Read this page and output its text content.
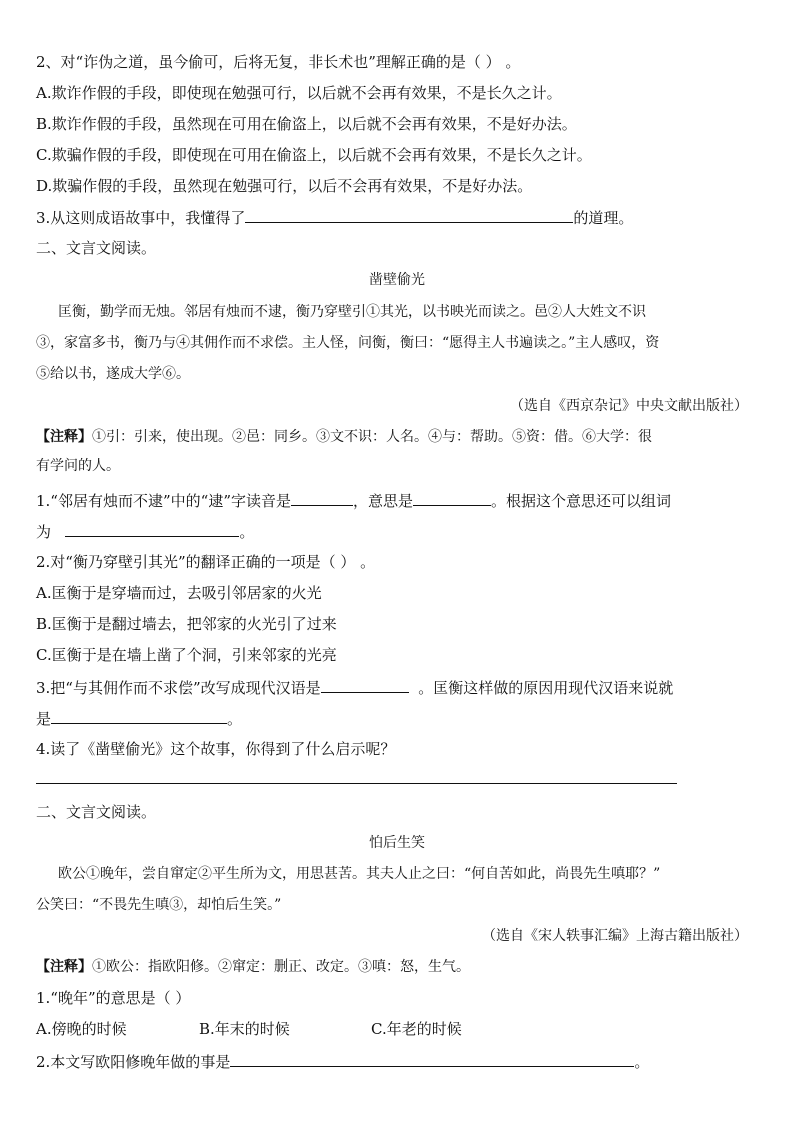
2、对“诈伪之道，虽今偷可，后将无复，非长术也”理解正确的是（ ） 。
A.欺诈作假的手段，即使现在勉强可行，以后就不会再有效果，不是长久之计。
B.欺诈作假的手段，虽然现在可用在偷盗上，以后就不会再有效果，不是好办法。
C.欺骗作假的手段，即使现在可用在偷盗上，以后就不会再有效果，不是长久之计。
D.欺骗作假的手段，虽然现在勉强可行，以后不会再有效果，不是好办法。
3.从这则成语故事中，我懂得了	的道理。
二、文言文阅读。
凿壁偷光
匡衡，勤学而无烛。邻居有烛而不逮，衡乃穿壁引①其光，以书映光而读之。邑②人大姓文不识
③，家富多书，衡乃与④其佣作而不求偿。主人怪，问衡，衡曰：“愿得主人书遍读之。”主人感叹，资
⑤给以书，遂成大学⑥。
（选自《西京杂记》中央文献出版社）
【注释】①引：引来，使出现。②邑：同乡。③文不识：人名。④与：帮助。⑤资：借。⑥大学：很
有学问的人。
1.“邻居有烛而不逮”中的“逮”字读音是	，意思是	。根据这个意思还可以组词
为	。
2.对“衡乃穿壁引其光”的翻译正确的一项是（ ） 。
A.匡衡于是穿墙而过，去吸引邻居家的火光
B.匡衡于是翻过墙去，把邻家的火光引了过来
C.匡衡于是在墙上凿了个洞，引来邻家的光亮
3.把“与其佣作而不求偿”改写成现代汉语是	。匡衡这样做的原因用现代汉语来说就
是	。
4.读了《凿壁偷光》这个故事，你得到了什么启示呢？
二、文言文阅读。
怕后生笑
欧公①晚年，尝自窜定②平生所为文，用思甚苦。其夫人止之曰：“何自苦如此，尚畏先生嗔耶？”
公笑曰：“不畏先生嗔③，却怕后生笑。”
（选自《宋人轶事汇编》上海古籍出版社）
【注释】①欧公：指欧阳修。②窜定：删正、改定。③嗔：怒，生气。
1.“晚年”的意思是（ ）
A.傍晚的时候	B.年末的时候	C.年老的时候
2.本文写欧阳修晚年做的事是	。
